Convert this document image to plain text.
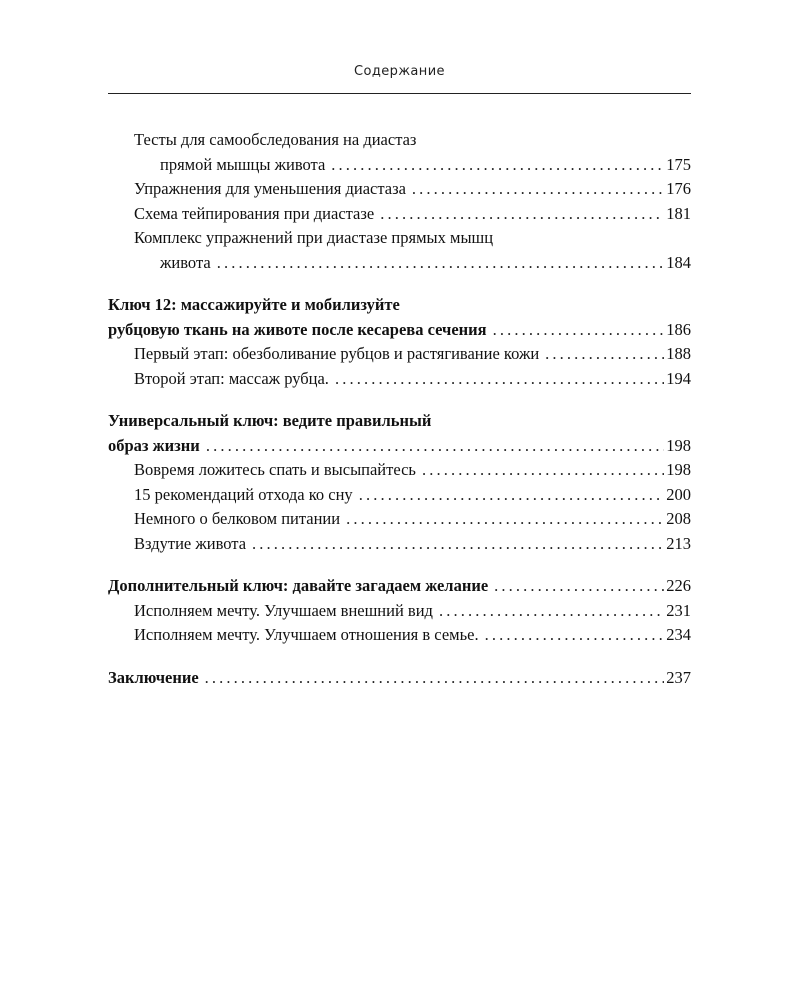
Содержание
Тесты для самообследования на диастаз
прямой мышцы живота . . .	175
Упражнения для уменьшения диастаза . . .	176
Схема тейпирования при диастазе . . .	181
Комплекс упражнений при диастазе прямых мышц
живота . . .	184
Ключ 12: массажируйте и мобилизуйте
рубцовую ткань на животе после кесарева сечения . . .	186
Первый этап: обезболивание рубцов и растягивание кожи . . .	188
Второй этап: массаж рубца. . . .	194
Универсальный ключ: ведите правильный
образ жизни . . .	198
Вовремя ложитесь спать и высыпайтесь . . .	198
15 рекомендаций отхода ко сну . . .	200
Немного о белковом питании . . .	208
Вздутие живота . . .	213
Дополнительный ключ: давайте загадаем желание . . .	226
Исполняем мечту. Улучшаем внешний вид . . .	231
Исполняем мечту. Улучшаем отношения в семье. . . .	234
Заключение . . .	237
